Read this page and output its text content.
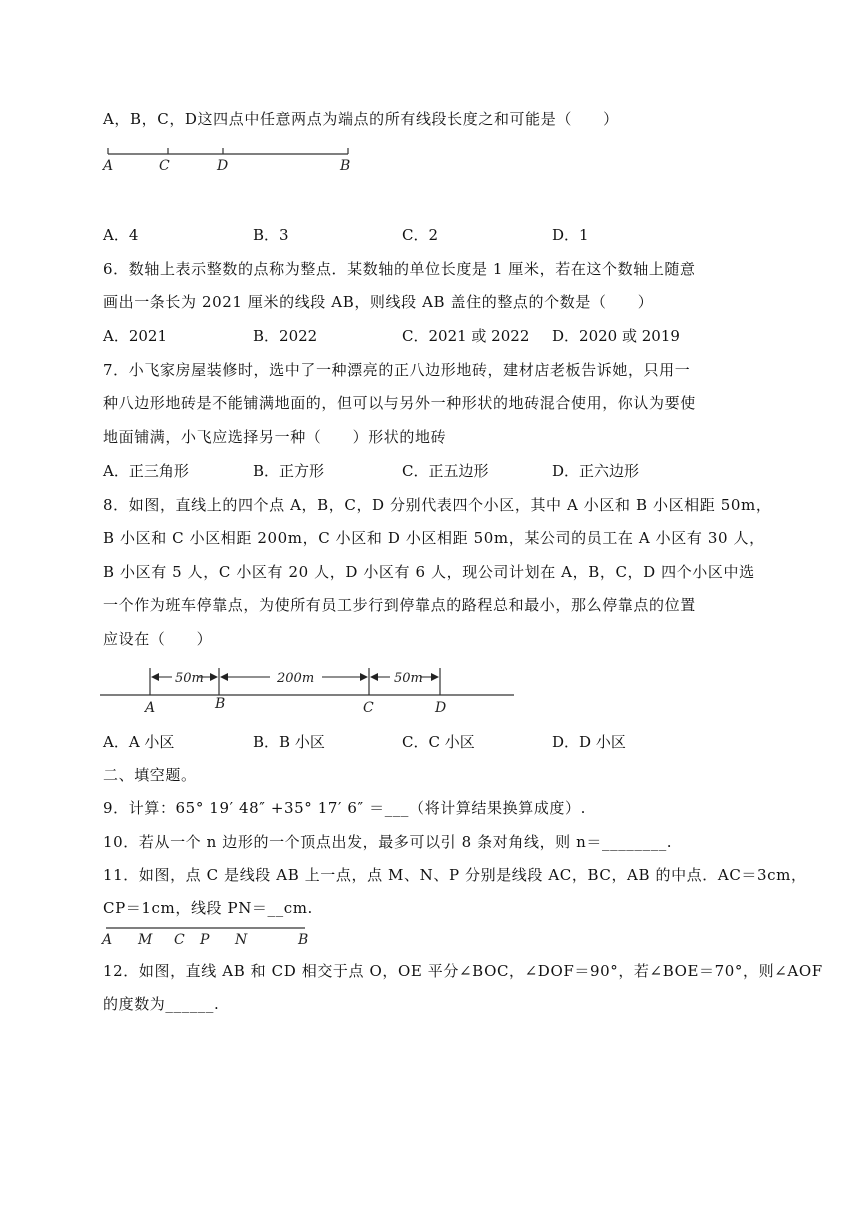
A，B，C，D这四点中任意两点为端点的所有线段长度之和可能是（　　）
A	C	D	B
A．4	B．3	C．2	D．1
6．数轴上表示整数的点称为整点．某数轴的单位长度是 1 厘米，若在这个数轴上随意
画出一条长为 2021 厘米的线段 AB，则线段 AB 盖住的整点的个数是（　　）
A．2021	B．2022	C．2021 或 2022 D．2020 或 2019
7．小飞家房屋装修时，选中了一种漂亮的正八边形地砖，建材店老板告诉她，只用一
种八边形地砖是不能铺满地面的，但可以与另外一种形状的地砖混合使用，你认为要使
地面铺满，小飞应选择另一种（　　）形状的地砖
A．正三角形	B．正方形	C．正五边形	D．正六边形
8．如图，直线上的四个点 A，B，C，D 分别代表四个小区，其中 A 小区和 B 小区相距 50m，
B 小区和 C 小区相距 200m，C 小区和 D 小区相距 50m，某公司的员工在 A 小区有 30 人，
B 小区有 5 人，C 小区有 20 人，D 小区有 6 人，现公司计划在 A，B，C，D 四个小区中选
一个作为班车停靠点，为使所有员工步行到停靠点的路程总和最小，那么停靠点的位置
应设在（　　）
50m	200m	50m
A	B	C	D
A．A 小区	B．B 小区	C．C 小区	D．D 小区
二、填空题。
9．计算：65° 19′ 48″ +35° 17′ 6″ ＝___（将计算结果换算成度）.
10．若从一个 n 边形的一个顶点出发，最多可以引 8 条对角线，则 n＝________.
11．如图，点 C 是线段 AB 上一点，点 M、N、P 分别是线段 AC，BC，AB 的中点．AC＝3cm，
CP＝1cm，线段 PN＝__cm.
A M C P N	B
12．如图，直线 AB 和 CD 相交于点 O，OE 平分∠BOC，∠DOF＝90°，若∠BOE＝70°，则∠AOF
的度数为______.
